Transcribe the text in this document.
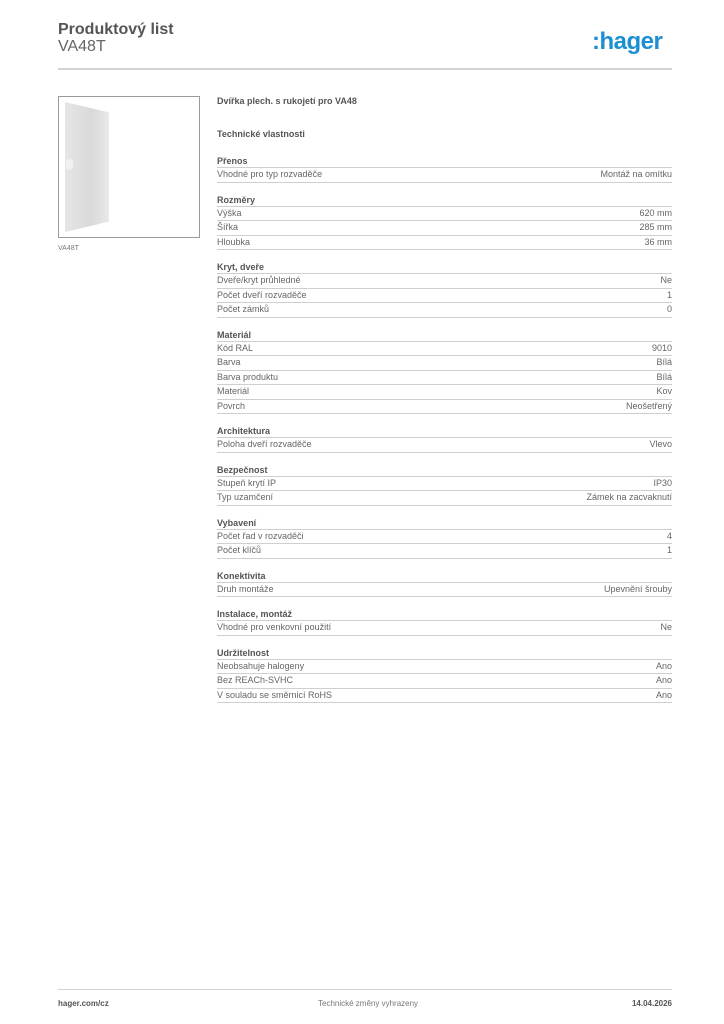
Produktový list
VA48T	:hager
VA48T
Dvířka plech. s rukojetí pro VA48
Technické vlastnosti
Přenos
Vhodné pro typ rozvaděče	Montáž na omítku
Rozměry
Výška	620 mm
Šířka	285 mm
Hloubka	36 mm
Kryt, dveře
Dveře/kryt průhledné	Ne
Počet dveří rozvaděče	1
Počet zámků	0
Materiál
Kód RAL	9010
Barva	Bílá
Barva produktu	Bílá
Materiál	Kov
Povrch	Neošetřený
Architektura
Poloha dveří rozvaděče	Vlevo
Bezpečnost
Stupeň krytí IP	IP30
Typ uzamčení	Zámek na zacvaknutí
Vybavení
Počet řad v rozvaděči	4
Počet klíčů	1
Konektivita
Druh montáže	Upevnění šrouby
Instalace, montáž
Vhodné pro venkovní použití	Ne
Udržitelnost
Neobsahuje halogeny	Ano
Bez REACh-SVHC	Ano
V souladu se směrnicí RoHS	Ano
hager.com/cz	Technické změny vyhrazeny	14.04.2026
